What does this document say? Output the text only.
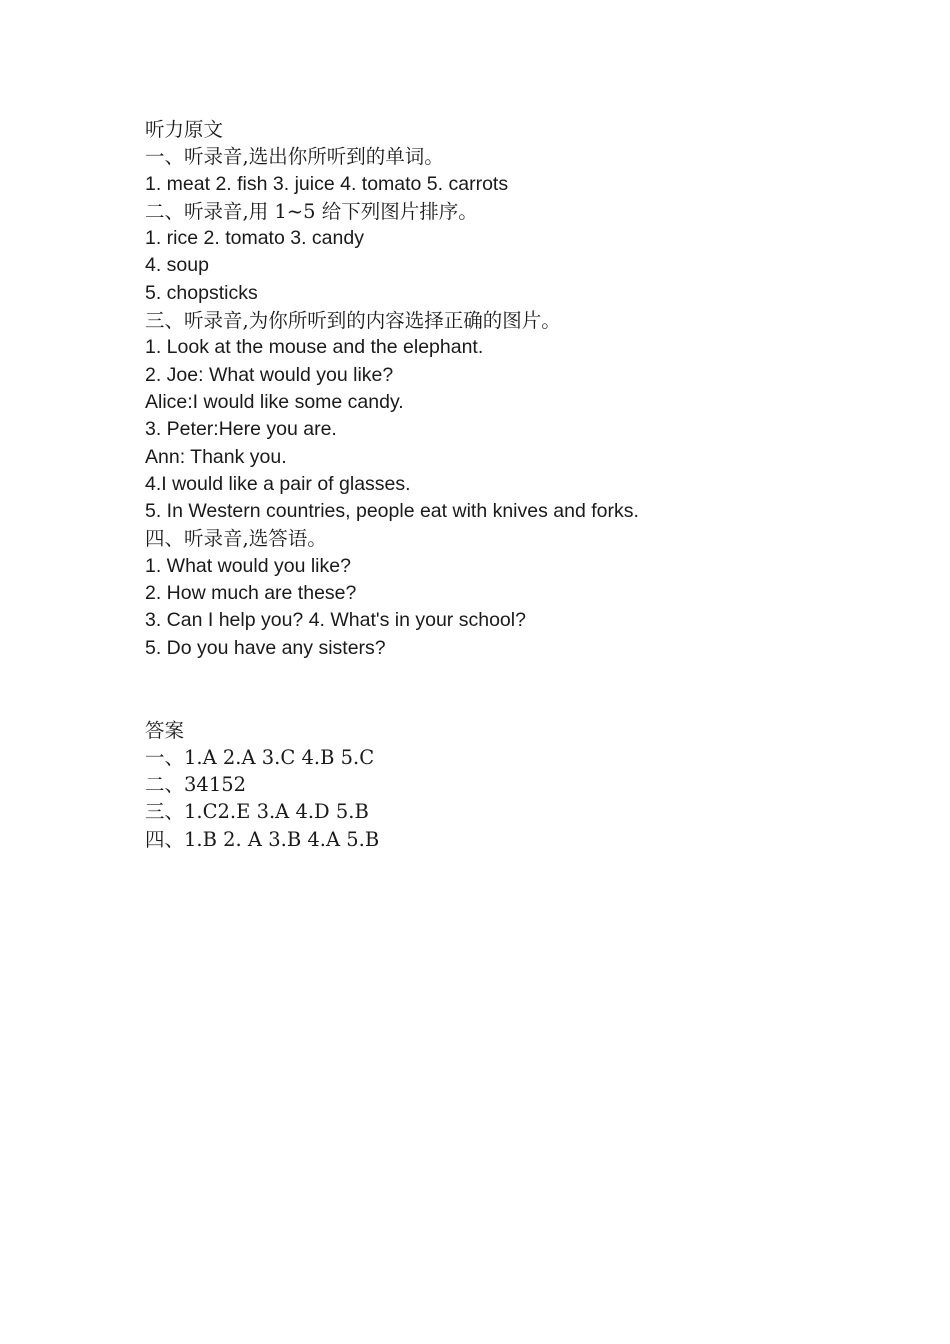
听力原文

一、听录音,选出你所听到的单词。

1. meat 2. fish 3. juice 4. tomato 5. carrots

二、听录音,用 1~5 给下列图片排序。

1. rice 2. tomato 3. candy

4. soup

5. chopsticks

三、听录音,为你所听到的内容选择正确的图片。

1. Look at the mouse and the elephant.

2. Joe: What would you like?

Alice:I would like some candy.

3. Peter:Here you are.

Ann: Thank you.

4.I would like a pair of glasses.

5. In Western countries, people eat with knives and forks.

四、听录音,选答语。

1. What would you like?

2. How much are these?

3. Can I help you? 4. What's in your school?

5. Do you have any sisters?

答案

一、1.A 2.A 3.C 4.B 5.C

二、34152

三、1.C2.E 3.A 4.D 5.B

四、1.B 2. A 3.B 4.A 5.B
